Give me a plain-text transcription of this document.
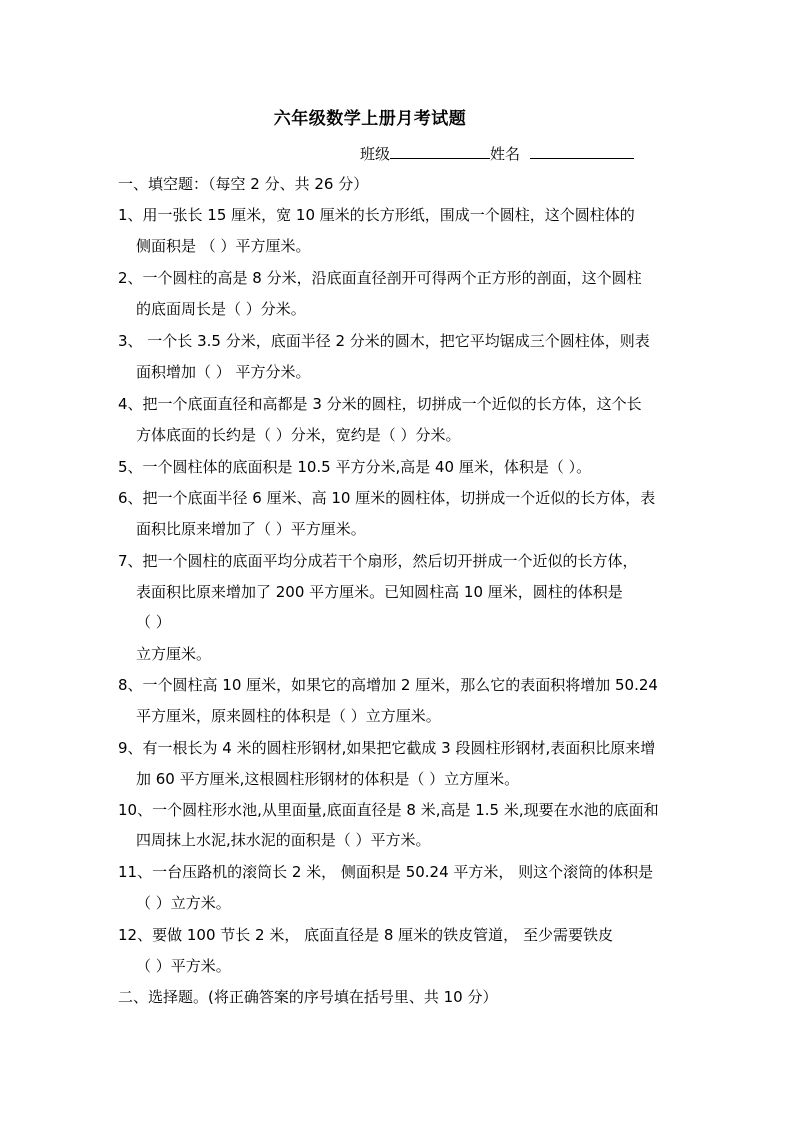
六年级数学上册月考试题
班级	姓名
一、填空题：（每空 2 分、共 26 分）
1、用一张长 15 厘米，宽 10 厘米的长方形纸，围成一个圆柱，这个圆柱体的
侧面积是 （ ）平方厘米。
2、一个圆柱的高是 8 分米，沿底面直径剖开可得两个正方形的剖面，这个圆柱
的底面周长是（ ）分米。
3、 一个长 3.5 分米，底面半径 2 分米的圆木，把它平均锯成三个圆柱体，则表
面积增加（ ） 平方分米。
4、把一个底面直径和高都是 3 分米的圆柱，切拼成一个近似的长方体，这个长
方体底面的长约是（ ）分米，宽约是（ ）分米。
5、一个圆柱体的底面积是 10.5 平方分米,高是 40 厘米，体积是（ ）。
6、把一个底面半径 6 厘米、高 10 厘米的圆柱体，切拼成一个近似的长方体，表
面积比原来增加了（ ）平方厘米。
7、把一个圆柱的底面平均分成若干个扇形，然后切开拼成一个近似的长方体，
表面积比原来增加了 200 平方厘米。已知圆柱高 10 厘米，圆柱的体积是
（ ）
立方厘米。
8、一个圆柱高 10 厘米，如果它的高增加 2 厘米，那么它的表面积将增加 50.24
平方厘米，原来圆柱的体积是（ ）立方厘米。
9、有一根长为 4 米的圆柱形钢材,如果把它截成 3 段圆柱形钢材,表面积比原来增
加 60 平方厘米,这根圆柱形钢材的体积是（ ）立方厘米。
10、一个圆柱形水池,从里面量,底面直径是 8 米,高是 1.5 米,现要在水池的底面和
四周抹上水泥,抹水泥的面积是（ ）平方米。
11、一台压路机的滚筒长 2 米， 侧面积是 50.24 平方米， 则这个滚筒的体积是
（ ）立方米。
12、要做 100 节长 2 米， 底面直径是 8 厘米的铁皮管道， 至少需要铁皮
（ ）平方米。
二、选择题。(将正确答案的序号填在括号里、共 10 分）
